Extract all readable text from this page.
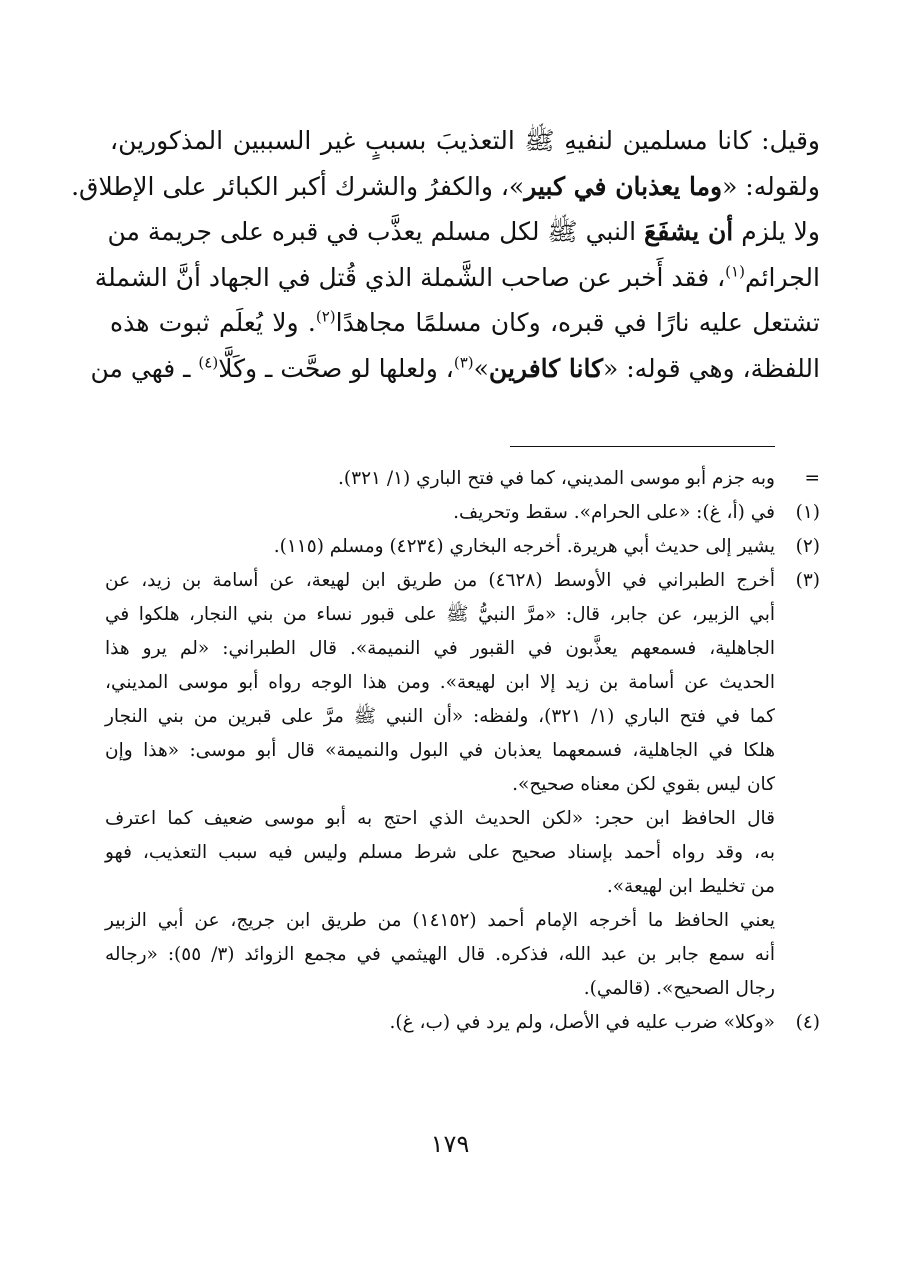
وقيل: كانا مسلمين لنفيهِ ﷺ التعذيبَ بسببٍ غير السببين المذكورين،
ولقوله: «وما يعذبان في كبير»، والكفرُ والشرك أكبر الكبائر على الإطلاق.
ولا يلزم أن يشفَعَ النبي ﷺ لكل مسلم يعذَّب في قبره على جريمة من
الجرائم$^{(١)}$، فقد أَخبر عن صاحب الشَّملة الذي قُتل في الجهاد أنَّ الشملة
تشتعل عليه نارًا في قبره، وكان مسلمًا مجاهدًا$^{(٢)}$. ولا يُعلَم ثبوت هذه
اللفظة، وهي قوله: «كانا كافرين»$^{(٣)}$، ولعلها لو صحَّت ـ وكَلَّا$^{(٤)}$ ـ فهي من

=
وبه جزم أبو موسى المديني، كما في فتح الباري (١/ ٣٢١).
(١)
في (أ، غ): «على الحرام». سقط وتحريف.
(٢)
يشير إلى حديث أبي هريرة. أخرجه البخاري (٤٢٣٤) ومسلم (١١٥).
(٣)
أخرج الطبراني في الأوسط (٤٦٢٨) من طريق ابن لهيعة، عن أسامة بن زيد، عن
أبي الزبير، عن جابر، قال: «مرَّ النبيُّ ﷺ على قبور نساء من بني النجار، هلكوا في
الجاهلية، فسمعهم يعذَّبون في القبور في النميمة». قال الطبراني: «لم يرو هذا
الحديث عن أسامة بن زيد إلا ابن لهيعة». ومن هذا الوجه رواه أبو موسى المديني،
كما في فتح الباري (١/ ٣٢١)، ولفظه: «أن النبي ﷺ مرَّ على قبرين من بني النجار
هلكا في الجاهلية، فسمعهما يعذبان في البول والنميمة» قال أبو موسى: «هذا وإن
كان ليس بقوي لكن معناه صحيح».
قال الحافظ ابن حجر: «لكن الحديث الذي احتج به أبو موسى ضعيف كما اعترف
به، وقد رواه أحمد بإسناد صحيح على شرط مسلم وليس فيه سبب التعذيب، فهو
من تخليط ابن لهيعة».
يعني الحافظ ما أخرجه الإمام أحمد (١٤١٥٢) من طريق ابن جريج، عن أبي الزبير
أنه سمع جابر بن عبد الله، فذكره. قال الهيثمي في مجمع الزوائد (٣/ ٥٥): «رجاله
رجال الصحيح». (قالمي).
(٤)
«وكلا» ضرب عليه في الأصل، ولم يرد في (ب، غ).
١٧٩
